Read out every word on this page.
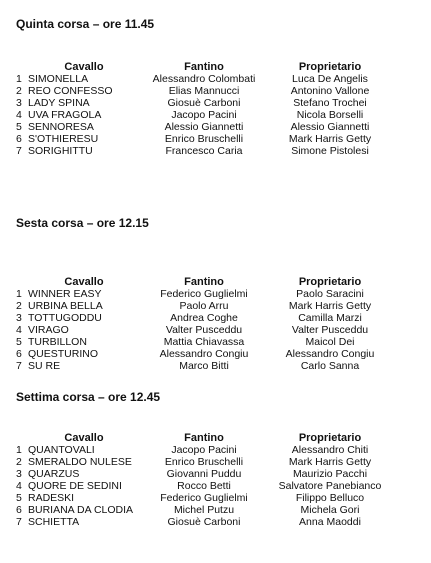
Quinta corsa – ore 11.45
	Cavallo	Fantino	Proprietario
1	SIMONELLA	Alessandro Colombati	Luca De Angelis
2	REO CONFESSO	Elias Mannucci	Antonino Vallone
3	LADY SPINA	Giosuè Carboni	Stefano Trochei
4	UVA FRAGOLA	Jacopo Pacini	Nicola Borselli
5	SENNORESA	Alessio Giannetti	Alessio Giannetti
6	S'OTHIERESU	Enrico Bruschelli	Mark Harris Getty
7	SORIGHITTU	Francesco Caria	Simone Pistolesi
Sesta corsa – ore 12.15
	Cavallo	Fantino	Proprietario
1	WINNER EASY	Federico Guglielmi	Paolo Saracini
2	URBINA BELLA	Paolo Arru	Mark Harris Getty
3	TOTTUGODDU	Andrea Coghe	Camilla Marzi
4	VIRAGO	Valter Pusceddu	Valter Pusceddu
5	TURBILLON	Mattia Chiavassa	Maicol Dei
6	QUESTURINO	Alessandro Congiu	Alessandro Congiu
7	SU RE	Marco Bitti	Carlo Sanna
Settima corsa – ore 12.45
	Cavallo	Fantino	Proprietario
1	QUANTOVALI	Jacopo Pacini	Alessandro Chiti
2	SMERALDO NULESE	Enrico Bruschelli	Mark Harris Getty
3	QUARZUS	Giovanni Puddu	Maurizio Pacchi
4	QUORE DE SEDINI	Rocco Betti	Salvatore Panebianco
5	RADESKI	Federico Guglielmi	Filippo Belluco
6	BURIANA DA CLODIA	Michel Putzu	Michela Gori
7	SCHIETTA	Giosuè Carboni	Anna Maoddi
